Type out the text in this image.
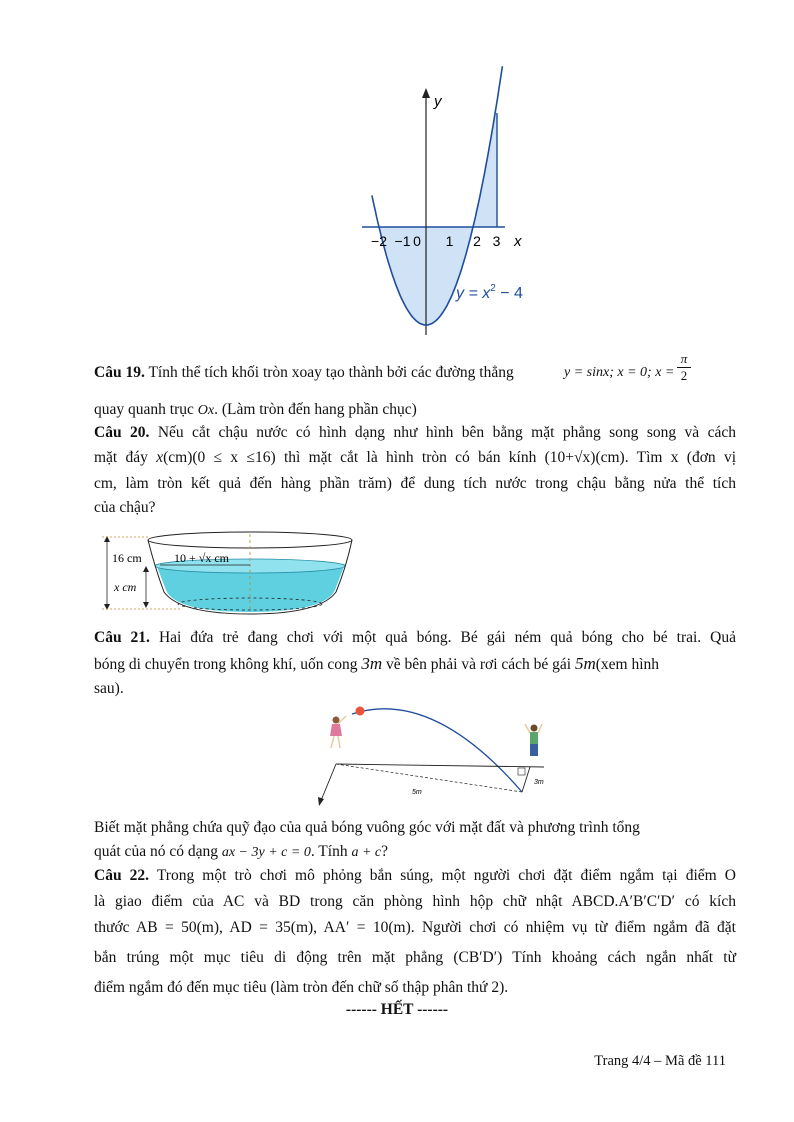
y
x
−2 −1 0 1 2 3
$y = x^2 - 4$
Câu 19. Tính thể tích khối tròn xoay tạo thành bởi các đường thẳng	y = sinx; x = 0; $x = \frac{\pi}{2}$
quay quanh trục Ox. (Làm tròn đến hang phần chục)
Câu 20. Nếu cắt chậu nước có hình dạng như hình bên bằng mặt phẳng song song và cách
mặt đáy x(cm)(0 ≤ x ≤16) thì mặt cắt là hình tròn có bán kính (10+√x)(cm). Tìm x (đơn vị
cm, làm tròn kết quả đến hàng phần trăm) để dung tích nước trong chậu bằng nửa thể tích
của chậu?
16 cm
x cm
10 + √x cm
Câu 21. Hai đứa trẻ đang chơi với một quả bóng. Bé gái ném quả bóng cho bé trai. Quả
bóng di chuyển trong không khí, uốn cong 3m về bên phải và rơi cách bé gái 5m(xem hình
sau).
5m
3m
Biết mặt phẳng chứa quỹ đạo của quả bóng vuông góc với mặt đất và phương trình tổng
quát của nó có dạng ax − 3y + c = 0. Tính a + c?
Câu 22. Trong một trò chơi mô phỏng bắn súng, một người chơi đặt điểm ngắm tại điểm O
là giao điểm của AC và BD trong căn phòng hình hộp chữ nhật ABCD.A′B′C′D′ có kích
thước AB = 50(m), AD = 35(m), AA′ = 10(m). Người chơi có nhiệm vụ từ điểm ngắm đã đặt
bắn trúng một mục tiêu di động trên mặt phẳng (CB′D′) Tính khoảng cách ngắn nhất từ
điểm ngắm đó đến mục tiêu (làm tròn đến chữ số thập phân thứ 2).
------ HẾT ------
Trang 4/4 – Mã đề 111
